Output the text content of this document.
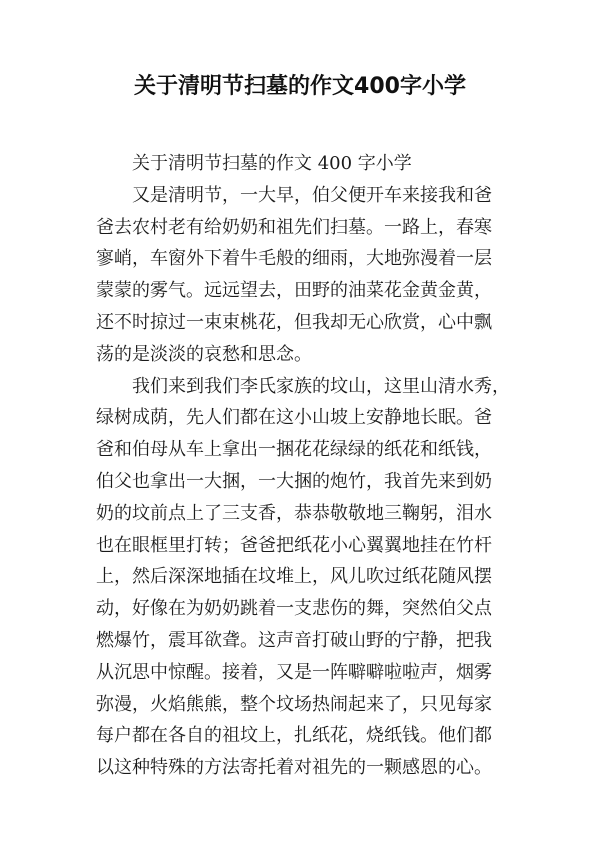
关于清明节扫墓的作文400字小学
关于清明节扫墓的作文 400 字小学
又是清明节，一大早，伯父便开车来接我和爸
爸去农村老有给奶奶和祖先们扫墓。一路上，春寒
寥峭，车窗外下着牛毛般的细雨，大地弥漫着一层
蒙蒙的雾气。远远望去，田野的油菜花金黄金黄，
还不时掠过一束束桃花，但我却无心欣赏，心中飘
荡的是淡淡的哀愁和思念。
我们来到我们李氏家族的坟山，这里山清水秀，
绿树成荫，先人们都在这小山坡上安静地长眠。爸
爸和伯母从车上拿出一捆花花绿绿的纸花和纸钱，
伯父也拿出一大捆，一大捆的炮竹，我首先来到奶
奶的坟前点上了三支香，恭恭敬敬地三鞠躬，泪水
也在眼框里打转；爸爸把纸花小心翼翼地挂在竹杆
上，然后深深地插在坟堆上，风儿吹过纸花随风摆
动，好像在为奶奶跳着一支悲伤的舞，突然伯父点
燃爆竹，震耳欲聋。这声音打破山野的宁静，把我
从沉思中惊醒。接着，又是一阵噼噼啦啦声，烟雾
弥漫，火焰熊熊，整个坟场热闹起来了，只见每家
每户都在各自的祖坟上，扎纸花，烧纸钱。他们都
以这种特殊的方法寄托着对祖先的一颗感恩的心。
